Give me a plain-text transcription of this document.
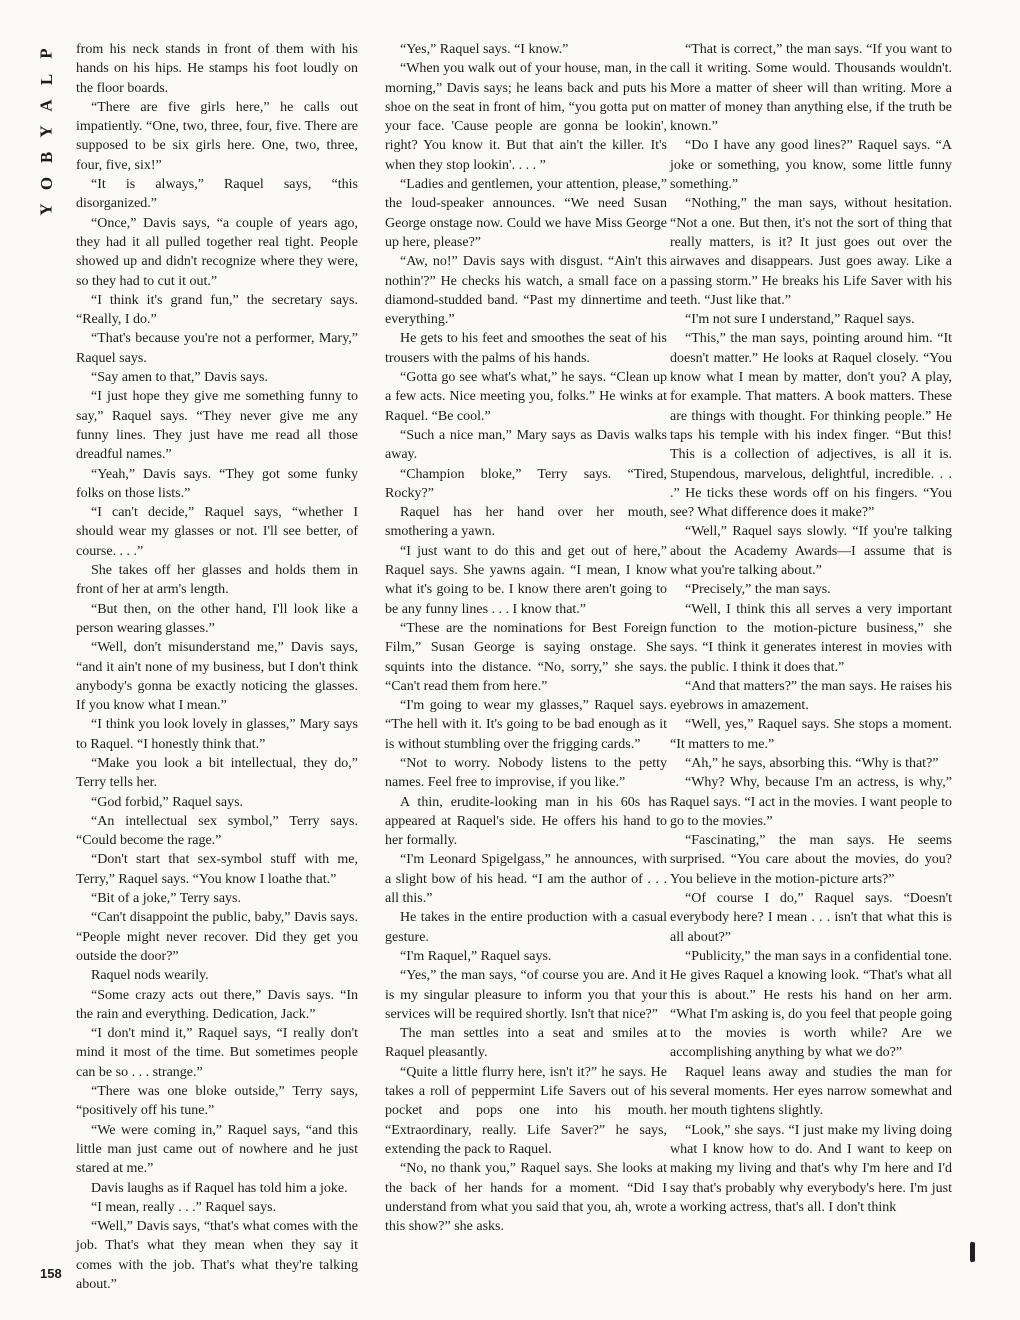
P
L
A
Y
B
O
Y

from his neck stands in front of them with his hands on his hips. He stamps his foot loudly on the floor boards.

“There are five girls here,” he calls out impatiently. “One, two, three, four, five. There are supposed to be six girls here. One, two, three, four, five, six!”

“It is always,” Raquel says, “this disorganized.”

“Once,” Davis says, “a couple of years ago, they had it all pulled together real tight. People showed up and didn't recognize where they were, so they had to cut it out.”

“I think it's grand fun,” the secretary says. “Really, I do.”

“That's because you're not a performer, Mary,” Raquel says.

“Say amen to that,” Davis says.

“I just hope they give me something funny to say,” Raquel says. “They never give me any funny lines. They just have me read all those dreadful names.”

“Yeah,” Davis says. “They got some funky folks on those lists.”

“I can't decide,” Raquel says, “whether I should wear my glasses or not. I'll see better, of course. . . .”

She takes off her glasses and holds them in front of her at arm's length.

“But then, on the other hand, I'll look like a person wearing glasses.”

“Well, don't misunderstand me,” Davis says, “and it ain't none of my business, but I don't think anybody's gonna be exactly noticing the glasses. If you know what I mean.”

“I think you look lovely in glasses,” Mary says to Raquel. “I honestly think that.”

“Make you look a bit intellectual, they do,” Terry tells her.

“God forbid,” Raquel says.

“An intellectual sex symbol,” Terry says. “Could become the rage.”

“Don't start that sex-symbol stuff with me, Terry,” Raquel says. “You know I loathe that.”

“Bit of a joke,” Terry says.

“Can't disappoint the public, baby,” Davis says. “People might never recover. Did they get you outside the door?”

Raquel nods wearily.

“Some crazy acts out there,” Davis says. “In the rain and everything. Dedication, Jack.”

“I don't mind it,” Raquel says, “I really don't mind it most of the time. But sometimes people can be so . . . strange.”

“There was one bloke outside,” Terry says, “positively off his tune.”

“We were coming in,” Raquel says, “and this little man just came out of nowhere and he just stared at me.”

Davis laughs as if Raquel has told him a joke.

“I mean, really . . .” Raquel says.

“Well,” Davis says, “that's what comes with the job. That's what they mean when they say it comes with the job. That's what they're talking about.”

“Yes,” Raquel says. “I know.”

“When you walk out of your house, man, in the morning,” Davis says; he leans back and puts his shoe on the seat in front of him, “you gotta put on your face. 'Cause people are gonna be lookin', right? You know it. But that ain't the killer. It's when they stop lookin'. . . . ”

“Ladies and gentlemen, your attention, please,” the loud-speaker announces. “We need Susan George onstage now. Could we have Miss George up here, please?”

“Aw, no!” Davis says with disgust. “Ain't this nothin'?” He checks his watch, a small face on a diamond-studded band. “Past my dinnertime and everything.”

He gets to his feet and smoothes the seat of his trousers with the palms of his hands.

“Gotta go see what's what,” he says. “Clean up a few acts. Nice meeting you, folks.” He winks at Raquel. “Be cool.”

“Such a nice man,” Mary says as Davis walks away.

“Champion bloke,” Terry says. “Tired, Rocky?”

Raquel has her hand over her mouth, smothering a yawn.

“I just want to do this and get out of here,” Raquel says. She yawns again. “I mean, I know what it's going to be. I know there aren't going to be any funny lines . . . I know that.”

“These are the nominations for Best Foreign Film,” Susan George is saying onstage. She squints into the distance. “No, sorry,” she says. “Can't read them from here.”

“I'm going to wear my glasses,” Raquel says. “The hell with it. It's going to be bad enough as it is without stumbling over the frigging cards.”

“Not to worry. Nobody listens to the petty names. Feel free to improvise, if you like.”

A thin, erudite-looking man in his 60s has appeared at Raquel's side. He offers his hand to her formally.

“I'm Leonard Spigelgass,” he announces, with a slight bow of his head. “I am the author of . . . all this.”

He takes in the entire production with a casual gesture.

“I'm Raquel,” Raquel says.

“Yes,” the man says, “of course you are. And it is my singular pleasure to inform you that your services will be required shortly. Isn't that nice?”

The man settles into a seat and smiles at Raquel pleasantly.

“Quite a little flurry here, isn't it?” he says. He takes a roll of peppermint Life Savers out of his pocket and pops one into his mouth. “Extraordinary, really. Life Saver?” he says, extending the pack to Raquel.

“No, no thank you,” Raquel says. She looks at the back of her hands for a moment. “Did I understand from what you said that you, ah, wrote this show?” she asks.

“That is correct,” the man says. “If you want to call it writing. Some would. Thousands wouldn't. More a matter of sheer will than writing. More a matter of money than anything else, if the truth be known.”

“Do I have any good lines?” Raquel says. “A joke or something, you know, some little funny something.”

“Nothing,” the man says, without hesitation. “Not a one. But then, it's not the sort of thing that really matters, is it? It just goes out over the airwaves and disappears. Just goes away. Like a passing storm.” He breaks his Life Saver with his teeth. “Just like that.”

“I'm not sure I understand,” Raquel says.

“This,” the man says, pointing around him. “It doesn't matter.” He looks at Raquel closely. “You know what I mean by matter, don't you? A play, for example. That matters. A book matters. These are things with thought. For thinking people.” He taps his temple with his index finger. “But this! This is a collection of adjectives, is all it is. Stupendous, marvelous, delightful, incredible. . . .” He ticks these words off on his fingers. “You see? What difference does it make?”

“Well,” Raquel says slowly. “If you're talking about the Academy Awards—I assume that is what you're talking about.”

“Precisely,” the man says.

“Well, I think this all serves a very important function to the motion-picture business,” she says. “I think it generates interest in movies with the public. I think it does that.”

“And that matters?” the man says. He raises his eyebrows in amazement.

“Well, yes,” Raquel says. She stops a moment. “It matters to me.”

“Ah,” he says, absorbing this. “Why is that?”

“Why? Why, because I'm an actress, is why,” Raquel says. “I act in the movies. I want people to go to the movies.”

“Fascinating,” the man says. He seems surprised. “You care about the movies, do you? You believe in the motion-picture arts?”

“Of course I do,” Raquel says. “Doesn't everybody here? I mean . . . isn't that what this is all about?”

“Publicity,” the man says in a confidential tone. He gives Raquel a knowing look. “That's what all this is about.” He rests his hand on her arm. “What I'm asking is, do you feel that people going to the movies is worth while? Are we accomplishing anything by what we do?”

Raquel leans away and studies the man for several moments. Her eyes narrow somewhat and her mouth tightens slightly.

“Look,” she says. “I just make my living doing what I know how to do. And I want to keep on making my living and that's why I'm here and I'd say that's probably why everybody's here. I'm just a working actress, that's all. I don't think

158
